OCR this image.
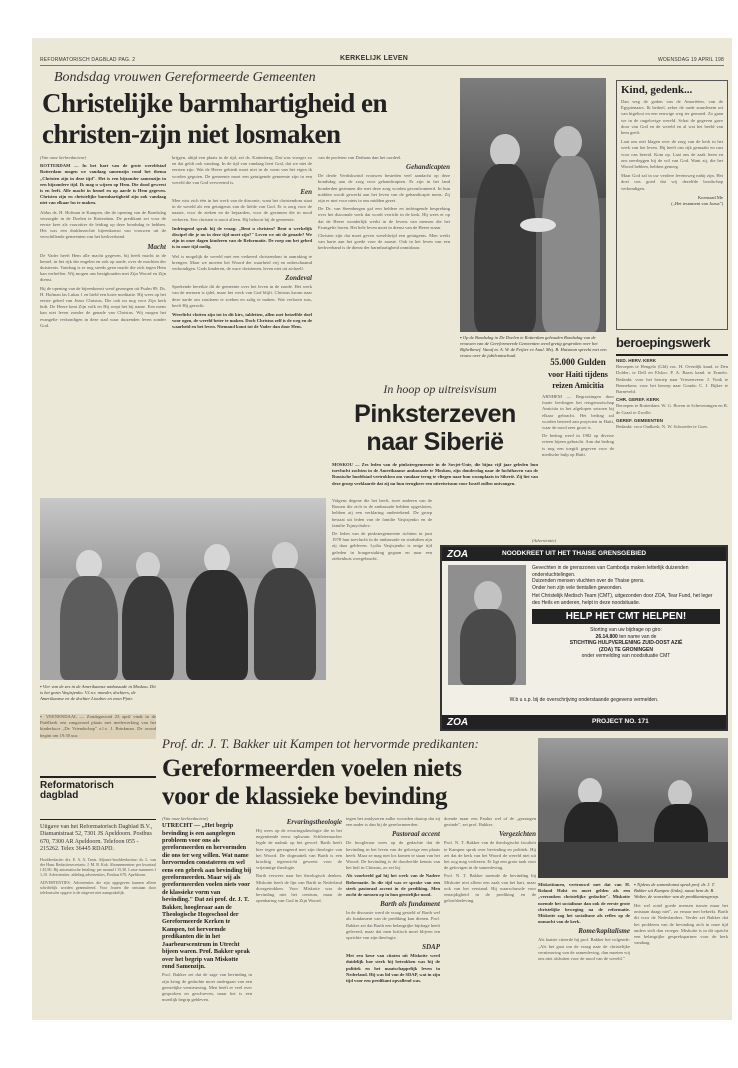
REFORMATORISCH DAGBLAD PAG. 2	KERKELIJK LEVEN	WOENSDAG 19 APRIL 198
Bondsdag vrouwen Gereformeerde Gemeenten
Christelijke barmhartigheid en
christen-zijn niet losmaken
(Van onze kerkredacteur)
ROTTERDAM — In het hart van de grote wereldstad Rotterdam mogen we vandaag samenzijn rond het thema „Christen zijn in deze tijd". Het is een bijzonder samenzijn in een bijzondere tijd. Ik mag u wijzen op Hem. Die dood geweest is en leeft. Alle macht in hemel en op aarde is Hem gegeven. Christen zijn en christelijke barmhartigheid zijn ook vandaag niet van elkaar los te maken.
Aldus ds. H. Hofman te Kampen, die de opening van de Bondsdag verzorgde in de Doelen te Rotterdam. De predikant zei voor de eerste keer als voorzitter de leiding op deze bondsdag te hebben. Het was een drukbezochte bijeenkomst van vrouwen uit de verschillende gemeenten van het kerkverband.
Macht
De Vader heeft Hem alle macht gegeven, bij heeft macht in de hemel, in het rijk der engelen en ook op aarde, over de machten der duisternis. Vandaag is er nog steeds geen macht die zich tegen Hem kan verheffen. Wij mogen ons bezighouden met Zijn Woord en Zijn dienst.
Bij de opening van de bijeenkomst werd gezongen uit Psalm 89. Ds. H. Hofman las Lukas 1 en hield een korte meditatie. Hij wees op het eerste gebed van Jezus Christus, Die ook nu nog voor Zijn kerk bidt. De Heere kent Zijn volk en Hij roept het bij name. Een mens kan niet leven zonder de genade van Christus. Wij mogen het evangelie verkondigen in deze stad waar duizenden leven zonder God.
krijgen, altijd een plaats in de tijd, zei ds. Kattenberg. Dat was vroeger zo en dat geldt ook vandaag. In de tijd van vandaag leert God, dat we niet de eersten zijn. Wat de Heere gebiedt moet niet in de vorm van het eigen ik worden gegoten. De gemeente moet een getuigende gemeente zijn in een wereld die van God vervreemd is.
Een
Men wist zich één in het werk van de diaconie, want het christendom staat in de wereld als een getuigenis van de liefde van God. Er is zorg voor de naaste, voor de zieken en de bejaarden, voor de gezinnen die in nood verkeren. Een christen is nooit alleen. Hij behoort bij de gemeente.
Indringend sprak hij de vraag: „Bent u christen? Bent u werkelijk discipel die je nu in deze tijd moet zijn?" Leven we uit de genade? We zijn in onze dagen kinderen van de Reformatie. De roep om het gebed is in onze tijd nodig.
Wel is mogelijk de wereld met een verkeerd christendom in aanraking te brengen. Maar we moeten het Woord der waarheid vrij en onbeschaamd verkondigen. Gods kinderen, de ware christenen, leven niet uit zichzelf.
Zondeval
Sprekende bereikte dit de gemeente over het leven in de zonde. Het werk van de mensen is ijdel, maar het werk van God blijft. Christus kwam naar deze aarde om zondaren te zoeken en zalig te maken. Wat verloren was, heeft Hij gezocht.
Weerlicht vlotten zijn tot in dit kirs, tabletten, allen met hetzelfde doel voor ogen, de wereld beter te maken. Doch Christus zelf is de weg en de waarheid en het leven. Niemand komt tot de Vader dan door Hem.
van de profeten van Dothans dan het oordeel.
Gehandicapten
De derde Verdiskwind vrouwen besteden veel aandacht op deze bondsdag aan de zorg voor gehandicapten. Er zijn in het land honderden gezinnen die met deze zorg worden geconfronteerd. In hun midden wordt gewerkt aan het leven van de gehandicapte mens. Zij zijn er niet voor niets in ons midden gezet.
De Ds. van Steenbergen gaf een heldere en indringende bespreking over het diaconale werk dat wordt verricht in de kerk. Hij wees er op dat de Heere wonderlijk werkt in de levens van mensen die het Evangelie horen. Het hele leven moet in dienst van de Heere staan.
Christen zijn dat moet geven wereldwijd een getuigenis. Men werkt van harte aan het goede voor de naaste. Ook in het leven van een kerkverband is de dienst der barmhartigheid onmisbaar.
▪ Op de Bondsdag in De Doelen te Rotterdam gehouden Bondsdag van de vrouwen van de Gereformeerde Gemeenten werd gretig gesproken over het Bijbelbesef. Vanaf m. A. W. de Feijter ev Anal. Mej. B. Huisman spreekt met een vrouw over de jubileumschaal.
Kind, gedenk...
Dan weg de goden van de Amoriëten, van de Egyptenaars. Ik bedoel, zeker de oude zuurdesem uit van bigelooi en een eeuwige weg ter gemoed. Zo gaan we in de ongelovige wereld. Schat de gegeven gave door van God en de wereld en al wat het beeld van hem geeft.
Laat ons niet klagen over de zorg van de kerk in het werk van het leven. Hij heeft ons rijk gemaakt en rust voor ons bereid. Kom op. Laat ons de zaak leren en ons neerleggen bij de wil van God. Want zij, die het Woord hebben, hebben genoeg.
Maar God zal in uw verdere levensweg nabij zijn. Het doet ons goed dat wij dezelfde boodschap verkondigen.
Koenraad Me
(„Het testament van Jozua")
beroepingswerk
NED. HERV. KERK
Beroepen te Hengelo (Gld) vac. H. Overdijk kand. te Den Dolder; te Dell en Elsloo: P. A. Baars kand. te Ermelo. Bedankt: voor het beroep naar Vriezenveen: J. Vonk te Bennekom; voor het beroep naar Gouda: C. J. Bijker te Barneveld.
CHR. GEREF. KERK
Beroepen te Rotterdam: W. G. Boven te Scheveningen en B. de Graaf te Zwolle.
GEREF. GEMEENTEN
Bedankt: voor Oudkerk: N. W. Schroeder te Goes.
55.000 Gulden
voor Haiti tijdens
reizen Amicitia
ARNHEM — Begrootingen door fraaie leerlingen het reisgenootschap Amicitia in het afgelopen seizoen bij elkaar gebracht. Het bedrag zal worden besteed aan projecten in Haïti, waar de nood zeer groot is.
De bedrag werd in 1982 op diverse reizen bijeen gebracht. Aan dat bedrag is nog een toegift gegeven voor de medische hulp op Haiti.
In hoop op uitreisvisum
Pinksterzeven
naar Siberië
MOSKOU — Zes leden van de pinkstergemeente in de Sovjet-Unie, die bijna vijf jaar geleden hun toevlucht zochten in de Amerikaanse ambassade te Moskou, zijn donderdag naar de luchthaven van de Russische hoofdstad vertrokken om vandaar terug te vliegen naar hun woonplaats in Siberië. Zij liet van deze groep verklaarde dat zij nu hun terugkeer een uitreisvisum voor Israël zullen ontvangen.
Volgens degene die het heeft, twee anderen van de Russen die zich in de ambassade hebben opgesloten, hebben zij een verklaring ondertekend. De groep bestaat uit leden van de familie Vasjtsjenko en de familie Tsjmychalov.
De leden van de pinkstergemeente richtten in juni 1978 hun toevlucht in de ambassade en sindsdien zijn zij daar gebleven. Lydia Vasjtsjenko is enige tijd geleden in hongerstaking gegaan en naar een ziekenhuis overgebracht.
(Advertentie)
ZOA	NOODKREET UIT HET THAISE GRENSGEBIED
Gevechten in de grenszones van Cambodja maken letterlijk duizenden ondervluchtelingen.
Duizenden mensen vluchten over de Thaise grens.
Onder hen zijn vele tientallen gewonden.
Het Christelijk Medisch Team (CMT), uitgezonden door ZOA, Tear Fund, het leger des Heils en anderen, helpt in deze noodsituatie.
HELP HET CMT HELPEN!
Storting van uw bijdrage op giro:
26.14.800 ten name van de
STICHTING HULPVERLENING ZUID-OOST AZIË
(ZOA) TE GRONINGEN
onder vermelding van noodsituatie CMT
W.b u s.p. bij de overschrijving onderstaande gegevens vermelden.
ZOA	PROJECT NO. 171
▪ Vier van de zes in de Amerikaanse ambassade in Moskou. Dit is het gezin Vasjtsjenko. V.l.n.r. moeder, dochters, de Amerikaanse en de dochter Lioubov en zoon Pjotr.
▪ VEENENDAAL — Zondagavond 23 april vindt in de Pniëlkerk een zangavond plaats met medewerking van het kinderkoor „De Vriendschap" o.l.v. J. Brinkman. De avond begint om 19.30 uur.
Prof. dr. J. T. Bakker uit Kampen tot hervormde predikanten:
Gereformeerden voelen niets
voor de klassieke bevinding
Reformatorisch
dagblad
Uitgave van het Reformatorisch Dagblad B.V., Diamantstraat 52, 7301 JS Apeldoorn. Postbus 670, 7300 AR Apeldoorn. Telefoon 055 - 215262. Telex 36445 RDAPD.
Hoofdredactie: drs. E. A. A. Tanis. Adjunct-hoofdredacteur: ds. L. van der Ham. Redactiesecretaris: J. M. B. Kok. Abonnementen: per kwartaal f 45,90. Bij automatische betaling: per maand f 15,30. Losse nummers f 1,10. Advertenties: afdeling advertenties, Postbus 670, Apeldoorn.
ADVERTENTIES: Advertenties die zijn opgegeven kunnen alleen schriftelijk worden geannuleerd. Voor fouten die ontstaan door telefonische opgave is de uitgever niet aansprakelijk.
(Van onze kerkredacteur)
UTRECHT — „Het begrip bevinding is een aangelegen probleem voor ons als gereformeerden en hervormden die ons ter weg willen. Wat name hervormden constateren en wel eens een gebrek aan bevinding bij gereformeerden. Maar wij als gereformeerden voelen niets voor de klassieke vorm van bevinding." Dat zei prof. dr. J. T. Bakker, hoogleraar aan de Theologische Hogeschool der Gereformeerde Kerken te Kampen, tot hervormde predikanten die in het Jaarbeurscentrum in Utrecht bijeen waren. Prof. Bakker sprak over het begrip van Miskotte rond Samenzijn.
Prof. Bakker zei dat de sage van bevinding in zijn kring de gedachte moet ondergaan van een geestelijke vernieuwing. Men heeft er veel over gesproken en geschreven, maar het is een moeilijk begrip gebleven.
Ervaringstheologie
Hij wees op de ervaringstheologie die in het negentiende eeuw opkwam. Schleiermacher legde de nadruk op het gevoel. Barth heeft hier tegen gereageerd met zijn theologie van het Woord. De dogmatiek van Barth is een krachtig tegenwicht geweest voor de vrijzinnige theologie.
Barth verwees naar het theologisch denken. Miskotte heeft de lijn van Barth in Nederland doorgetrokken. Voor Miskotte was de bevinding niet het centrum, maar de openbaring van God in Zijn Woord.
tegen het analyseren zulke woorden daarop dat zij een ander is dan bij de gereformeerden.
Pastoraal accent
De hoogleraar wees op de gedachte dat de bevinding in het leven van de gelovige een plaats heeft. Maar ze mag niet los komen te staan van het Woord. De bevinding is de doorleefde kennis van het heil in Christus, zo zei hij.
Als voorbeeld gaf hij het werk van de Nadere Reformatie. In die tijd was er sprake van een sterk pastoraal accent in de prediking. Men zocht de mensen op in hun geestelijke nood.
Barth als fundament
In de discussie werd de vraag gesteld of Barth wel als fundament van de prediking kan dienen. Prof. Bakker zei dat Barth een belangrijke bijdrage heeft geleverd, maar dat men kritisch moet blijven ten opzichte van zijn theologie.
SDAP
Met een keur van citaten uit Miskotte werd duidelijk hoe sterk hij betrokken was bij de politiek en het maatschappelijk leven in Nederland. Hij was lid van de SDAP, wat in zijn tijd voor een predikant opvallend was.
doende maar een Paulus wel of de „gezongen gezinde", zei prof. Bakker.
Vergezichten
Prof. N. T. Bakker van de theologische faculteit te Kampen sprak over bevinding en politiek. Hij zei dat de kerk van het Woord de wereld niet uit het oog mag verliezen. Er ligt een grote taak voor de gelovigen in de samenleving.
Prof. N. T. Bakker noemde de bevinding bij Miskotte niet alleen een zaak van het hart, maar ook van het verstand. Hij waarschuwde voor eenzijdigheid in de prediking en de geloofsbeleving.
Miskottianen, vertrouwd met dat van H. Roland Holst en moet gelden als een „verzonken christelijke gedachte". Miskotte noemde het socialisme dan ook de eerste grote christelijke beweging na de reformatie. Miskotte zag het socialisme als reflex op de onmacht van de kerk.
Rome/kapitalisme
Als laatste citeerde hij prof. Bakker het volgende: „Als het gaat om de vraag naar de christelijke vernieuwing van de samenleving, dan moeten wij ons niet afsluiten voor de nood van de wereld."
▪ Tijdens de samenkomst sprak prof. dr. J. T. Bakker uit Kampen (links), naast hem dr. B. Walter, de voorzitter van de predikantengroep.
Het wel ootel goede mensen tussen maar het ontstaan daagt niet", zo ernaar met bekerkt. Barth dit voor de Nederlanders. Verder zei Bakker dat het probleem van de bevinding zich in onze tijd anders stelt dan vroeger. Miskotte is in dit opzicht een belangrijke gesprekspartner voor de kerk vandaag.
